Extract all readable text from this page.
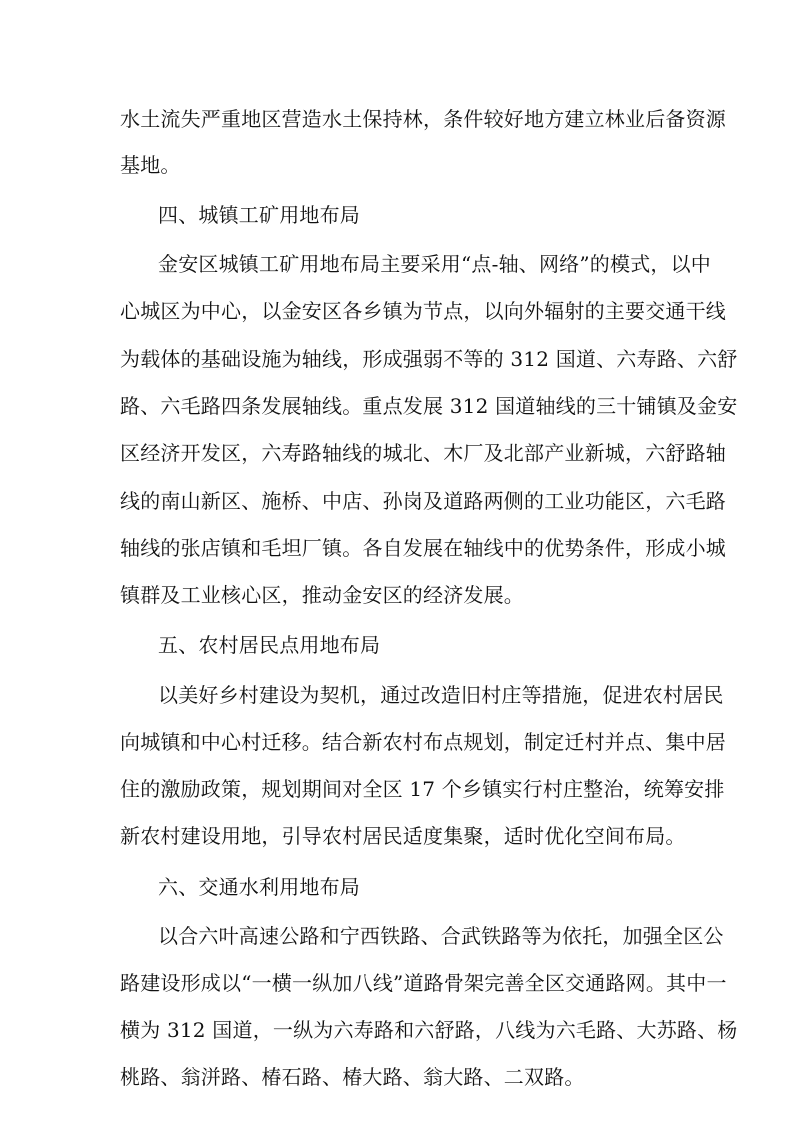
水土流失严重地区营造水土保持林，条件较好地方建立林业后备资源
基地。
四、城镇工矿用地布局
金安区城镇工矿用地布局主要采用“点-轴、网络”的模式，以中
心城区为中心，以金安区各乡镇为节点，以向外辐射的主要交通干线
为载体的基础设施为轴线，形成强弱不等的 312 国道、六寿路、六舒
路、六毛路四条发展轴线。重点发展 312 国道轴线的三十铺镇及金安
区经济开发区，六寿路轴线的城北、木厂及北部产业新城，六舒路轴
线的南山新区、施桥、中店、孙岗及道路两侧的工业功能区，六毛路
轴线的张店镇和毛坦厂镇。各自发展在轴线中的优势条件，形成小城
镇群及工业核心区，推动金安区的经济发展。
五、农村居民点用地布局
以美好乡村建设为契机，通过改造旧村庄等措施，促进农村居民
向城镇和中心村迁移。结合新农村布点规划，制定迁村并点、集中居
住的激励政策，规划期间对全区 17 个乡镇实行村庄整治，统筹安排
新农村建设用地，引导农村居民适度集聚，适时优化空间布局。
六、交通水利用地布局
以合六叶高速公路和宁西铁路、合武铁路等为依托，加强全区公
路建设形成以“一横一纵加八线”道路骨架完善全区交通路网。其中一
横为 312 国道，一纵为六寿路和六舒路，八线为六毛路、大苏路、杨
桃路、翁洴路、椿石路、椿大路、翁大路、二双路。
